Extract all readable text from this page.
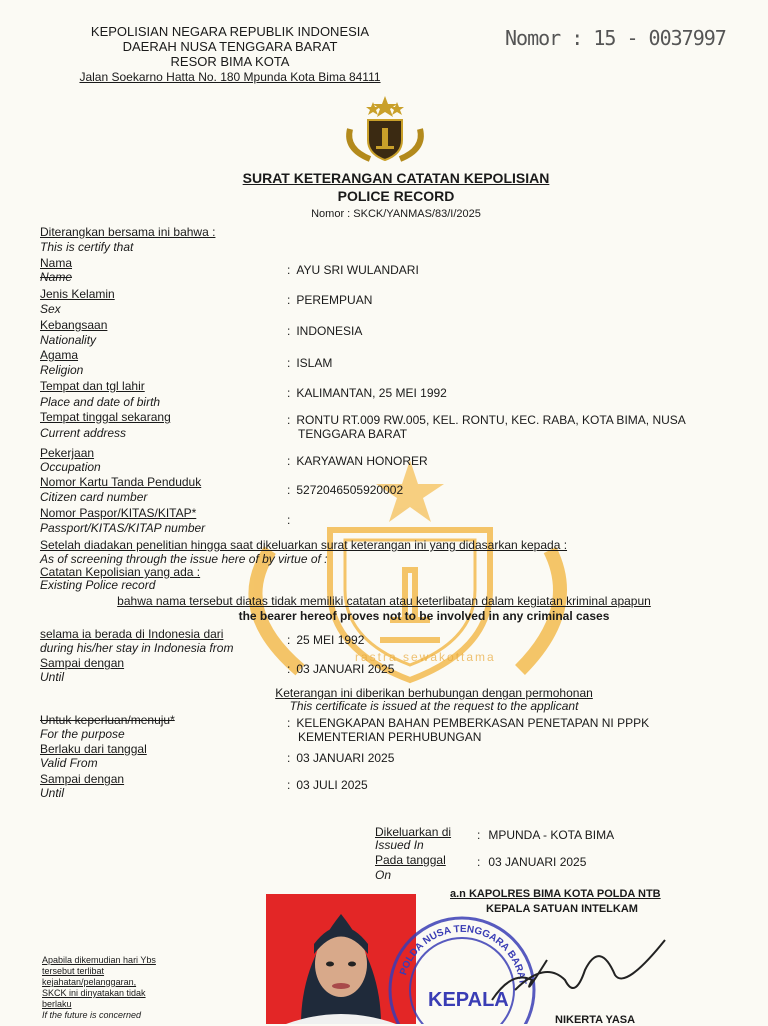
rastra sewakottama
KEPOLISIAN NEGARA REPUBLIK INDONESIA
DAERAH NUSA TENGGARA BARAT
RESOR BIMA KOTA
Jalan Soekarno Hatta No. 180 Mpunda Kota Bima 84111
Nomor : 15 - 0037997
SURAT KETERANGAN CATATAN KEPOLISIAN
POLICE RECORD
Nomor : SKCK/YANMAS/83/I/2025
Diterangkan bersama ini bahwa :
This is certify that
Nama
Name	: AYU SRI WULANDARI
Jenis Kelamin
Sex
: PEREMPUAN
Kebangsaan
Nationality
: INDONESIA
Agama
Religion	: ISLAM
Tempat dan tgl lahir
Place and date of birth
: KALIMANTAN, 25 MEI 1992
Tempat tinggal sekarang
Current address
: RONTU RT.009 RW.005, KEL. RONTU, KEC. RABA, KOTA BIMA, NUSA
TENGGARA BARAT
Pekerjaan
Occupation	: KARYAWAN HONORER
Nomor Kartu Tanda Penduduk
Citizen card number	: 5272046505920002
Nomor Paspor/KITAS/KITAP*
Passport/KITAS/KITAP number
:
Setelah diadakan penelitian hingga saat dikeluarkan surat keterangan ini yang didasarkan kepada :
As of screening through the issue here of by virtue of :
Catatan Kepolisian yang ada :
Existing Police record
bahwa nama tersebut diatas tidak memiliki catatan atau keterlibatan dalam kegiatan kriminal apapun
the bearer hereof proves not to be involved in any criminal cases
selama ia berada di Indonesia dari
during his/her stay in Indonesia from
: 25 MEI 1992
Sampai dengan
Until
: 03 JANUARI 2025
Keterangan ini diberikan berhubungan dengan permohonan
This certificate is issued at the request to the applicant
Untuk keperluan/menuju*
For the purpose
: KELENGKAPAN BAHAN PEMBERKASAN PENETAPAN NI PPPK
KEMENTERIAN PERHUBUNGAN
Berlaku dari tanggal
Valid From	: 03 JANUARI 2025
Sampai dengan
Until
: 03 JULI 2025
Dikeluarkan di
Issued In
: MPUNDA - KOTA BIMA
Pada tanggal
On
: 03 JANUARI 2025
a.n KAPOLRES BIMA KOTA POLDA NTB
KEPALA SATUAN INTELKAM
NIKERTA YASA
POLDA NUSA TENGGARA BARAT
KEPALA
Apabila dikemudian hari Ybs
tersebut terlibat
kejahatan/pelanggaran,
SKCK ini dinyatakan tidak
berlaku
If the future is concerned
